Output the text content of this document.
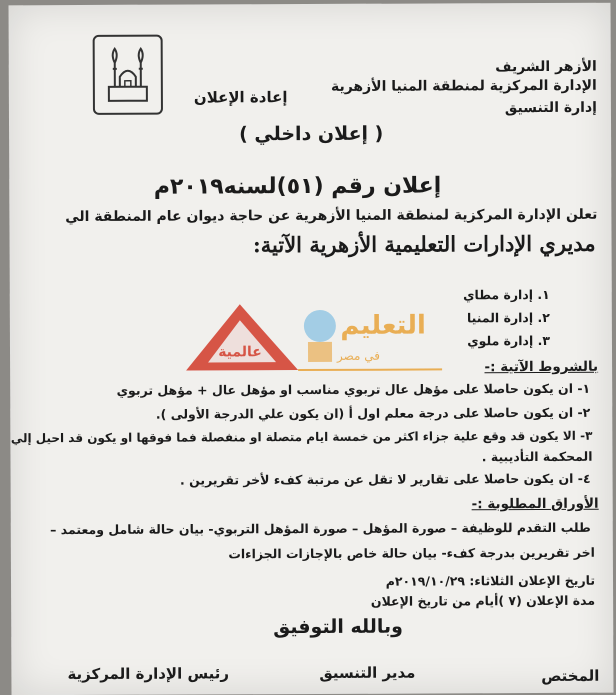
الأزهر الشريف
الإدارة المركزية لمنطقة المنيا الأزهرية
إدارة التنسيق
إعادة الإعلان
( إعلان داخلي )
إعلان رقم (٥١)لسنه٢٠١٩م
تعلن الإدارة المركزية لمنطقة المنيا الأزهرية عن حاجة ديوان عام المنطقة الي
مديري الإدارات التعليمية الأزهرية الآتية:
١. إدارة مطاي
٢. إدارة المنيا
٣. إدارة ملوي
عالمية
التعليم
في مصر
بالشروط الآتية :-
١- ان يكون حاصلا على مؤهل عال تربوي مناسب او مؤهل عال + مؤهل تربوي
٢- ان يكون حاصلا على درجة معلم اول أ (ان يكون علي الدرجة الأولى ).
٣- الا يكون قد وقع علية جزاء اكثر من خمسة ايام متصلة او منفصلة فما فوقها او يكون قد احيل إلي
المحكمة التأديبية .
٤- ان يكون حاصلا على تقارير لا تقل عن مرتبة كفء لأخر تقريرين .
الأوراق المطلوبة :-
طلب التقدم للوظيفة – صورة المؤهل – صورة المؤهل التربوي- بيان حالة شامل ومعتمد –
اخر تقريرين بدرجة كفء- بيان حالة خاص بالإجازات الجزاءات
تاريخ الإعلان الثلاثاء: ٢٠١٩/١٠/٢٩م
مدة الإعلان (٧ )أيام من تاريخ الإعلان
وبالله التوفيق
المختص
مدير التنسيق
رئيس الإدارة المركزية
